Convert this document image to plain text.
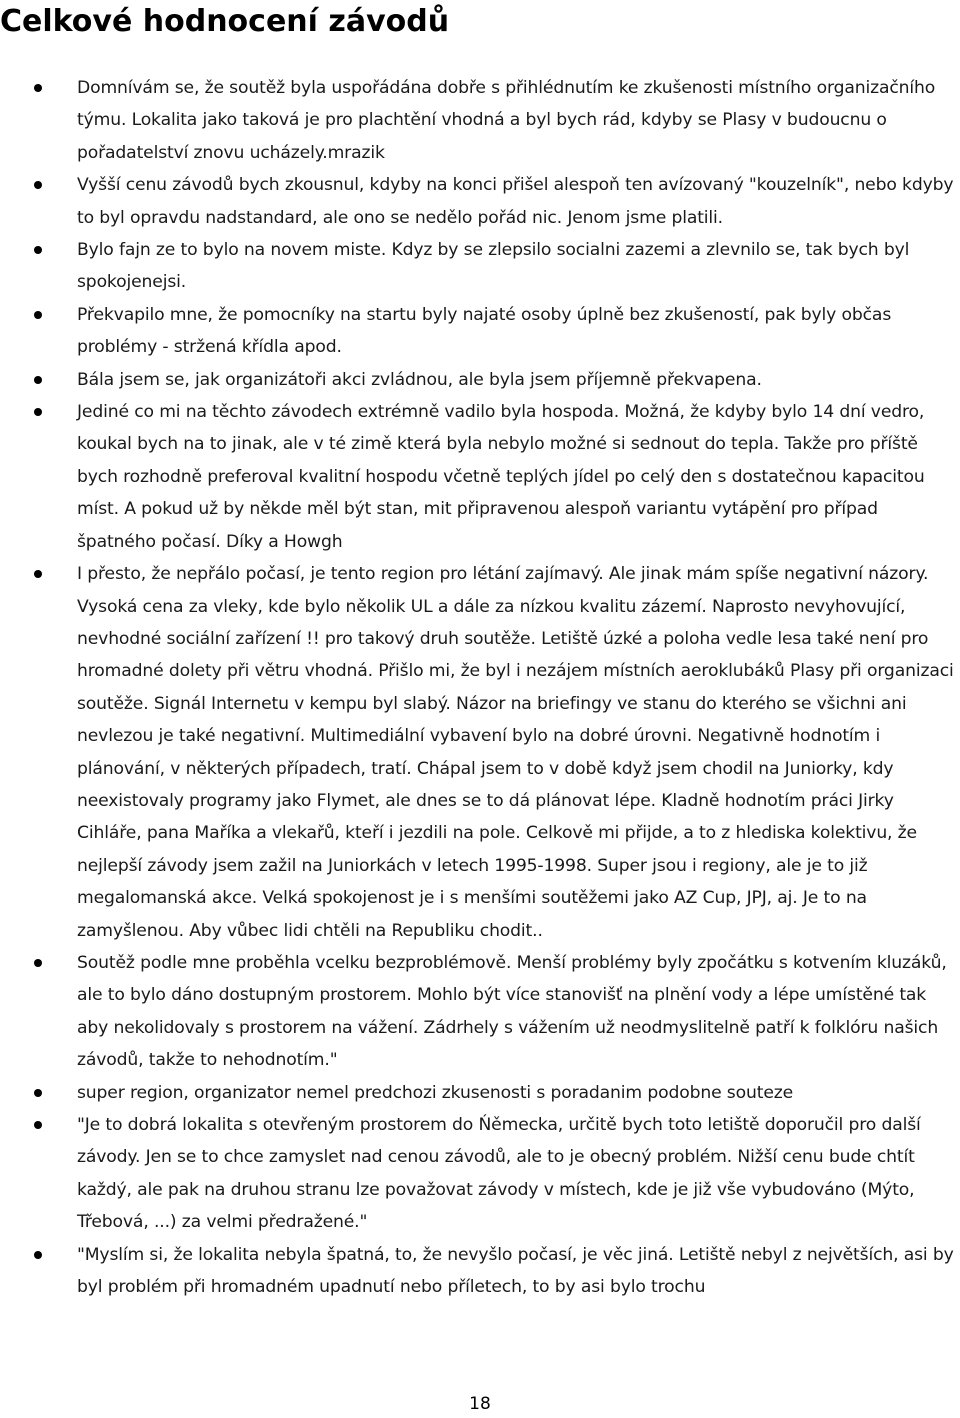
Celkové hodnocení závodů
Domnívám se, že soutěž byla uspořádána dobře s přihlédnutím ke zkušenosti místního organizačního týmu. Lokalita jako taková je pro plachtění vhodná a byl bych rád, kdyby se Plasy v budoucnu o pořadatelství znovu ucházely.mrazik
Vyšší cenu závodů bych zkousnul, kdyby na konci přišel alespoň ten avízovaný "kouzelník", nebo kdyby to byl opravdu nadstandard, ale ono se nedělo pořád nic. Jenom jsme platili.
Bylo fajn ze to bylo na novem miste. Kdyz by se zlepsilo socialni zazemi a zlevnilo se, tak bych byl spokojenejsi.
Překvapilo mne, že pomocníky na startu byly najaté osoby úplně bez zkušeností, pak byly občas problémy - stržená křídla apod.
Bála jsem se, jak organizátoři akci zvládnou, ale byla jsem příjemně překvapena.
Jediné co mi na těchto závodech extrémně vadilo byla hospoda. Možná, že kdyby bylo 14 dní vedro, koukal bych na to jinak, ale v té zimě která byla nebylo možné si sednout do tepla. Takže pro příště bych rozhodně preferoval kvalitní hospodu včetně teplých jídel po celý den s dostatečnou kapacitou míst. A pokud už by někde měl být stan, mit připravenou alespoň variantu vytápění pro případ špatného počasí. Díky a Howgh
I přesto, že nepřálo počasí, je tento region pro létání zajímavý. Ale jinak mám spíše negativní názory. Vysoká cena za vleky, kde bylo několik UL a dále za nízkou kvalitu zázemí. Naprosto nevyhovující, nevhodné sociální zařízení !! pro takový druh soutěže. Letiště úzké a poloha vedle lesa také není pro hromadné dolety při větru vhodná. Přišlo mi, že byl i nezájem místních aeroklubáků Plasy při organizaci soutěže. Signál Internetu v kempu byl slabý. Názor na briefingy ve stanu do kterého se všichni ani nevlezou je také negativní. Multimediální vybavení bylo na dobré úrovni. Negativně hodnotím i plánování, v některých případech, tratí. Chápal jsem to v době když jsem chodil na Juniorky, kdy neexistovaly programy jako Flymet, ale dnes se to dá plánovat lépe. Kladně hodnotím práci Jirky Cihláře, pana Maříka a vlekařů, kteří i jezdili na pole. Celkově mi přijde, a to z hlediska kolektivu, že nejlepší závody jsem zažil na Juniorkách v letech 1995-1998. Super jsou i regiony, ale je to již megalomanská akce. Velká spokojenost je i s menšími soutěžemi jako AZ Cup, JPJ, aj. Je to na zamyšlenou. Aby vůbec lidi chtěli na Republiku chodit..
Soutěž podle mne proběhla vcelku bezproblémově. Menší problémy byly zpočátku s kotvením kluzáků, ale to bylo dáno dostupným prostorem. Mohlo být více stanovišť na plnění vody a lépe umístěné tak aby nekolidovaly s prostorem na vážení. Zádrhely s vážením už neodmyslitelně patří k folklóru našich závodů, takže to nehodnotím."
super region, organizator nemel predchozi zkusenosti s poradanim podobne souteze
"Je to dobrá lokalita s otevřeným prostorem do Ńěmecka, určitě bych toto letiště doporučil pro další závody. Jen se to chce zamyslet nad cenou závodů, ale to je obecný problém. Nižší cenu bude chtít každý, ale pak na druhou stranu lze považovat závody v místech, kde je již vše vybudováno (Mýto, Třebová, ...) za velmi předražené."
"Myslím si, že lokalita nebyla špatná, to, že nevyšlo počasí, je věc jiná. Letiště nebyl z největších, asi by byl problém při hromadném upadnutí nebo příletech, to by asi bylo trochu
18
